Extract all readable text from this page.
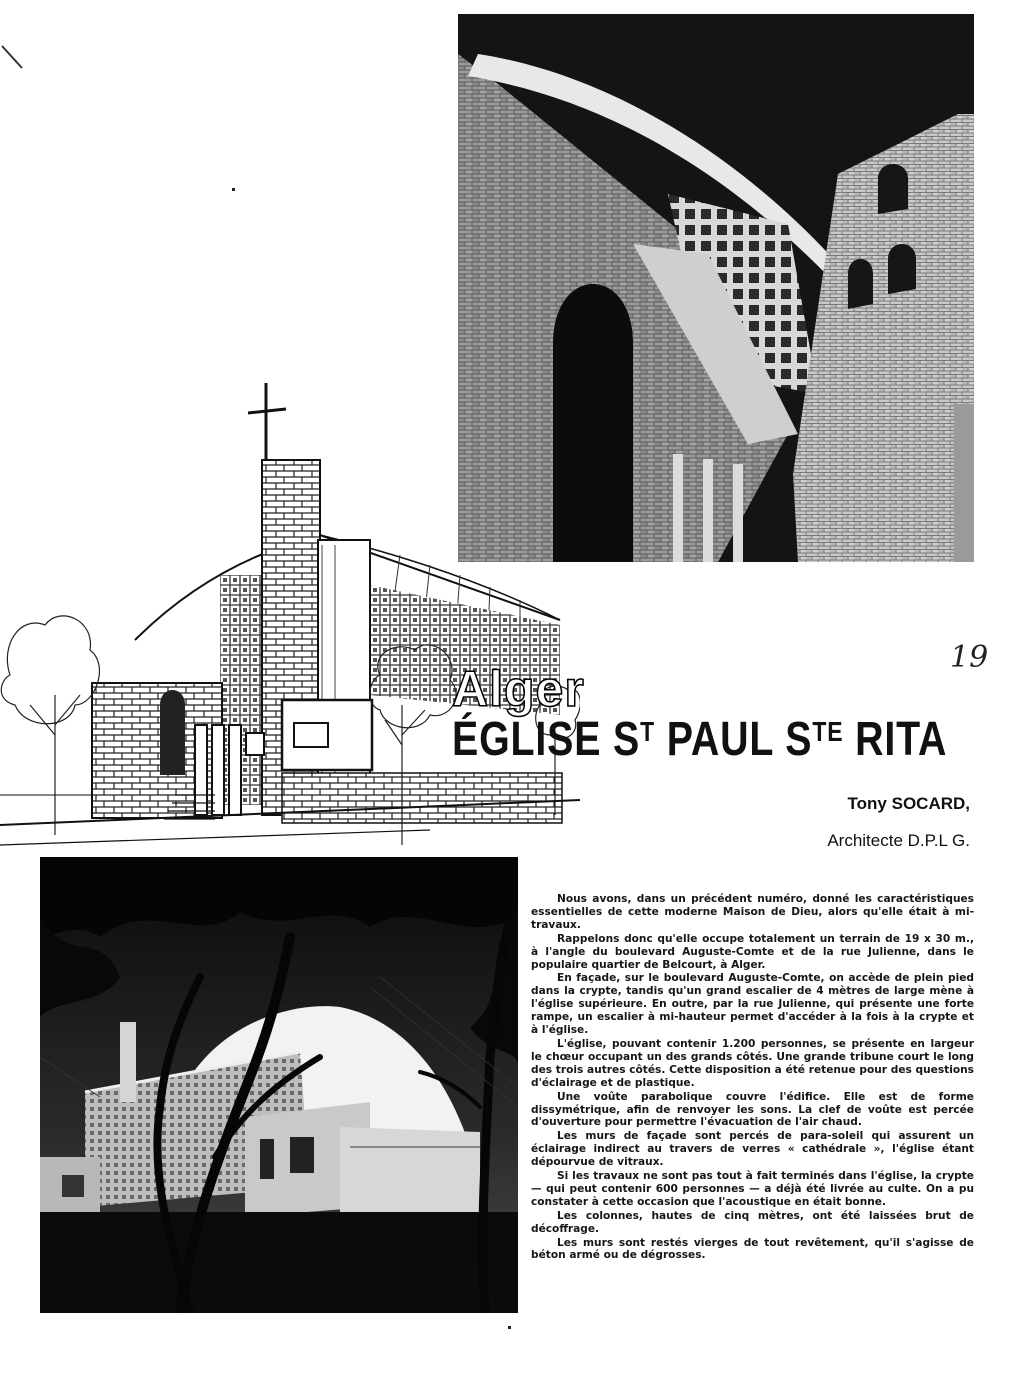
19
Alger
ÉGLISE $S^T$ PAUL $S^{TE}$ RITA
Tony SOCARD,
Architecte D.P.L G.

Nous avons, dans un précédent numéro, donné les caractéristiques essentielles de cette moderne Maison de Dieu, alors qu'elle était à mi-travaux.

Rappelons donc qu'elle occupe totalement un terrain de 19 x 30 m., à l'angle du boulevard Auguste-Comte et de la rue Julienne, dans le populaire quartier de Belcourt, à Alger.

En façade, sur le boulevard Auguste-Comte, on accède de plein pied dans la crypte, tandis qu'un grand escalier de 4 mètres de large mène à l'église supérieure. En outre, par la rue Julienne, qui présente une forte rampe, un escalier à mi-hauteur permet d'accéder à la fois à la crypte et à l'église.

L'église, pouvant contenir 1.200 personnes, se présente en largeur le chœur occupant un des grands côtés. Une grande tribune court le long des trois autres côtés. Cette disposition a été retenue pour des questions d'éclairage et de plastique.

Une voûte parabolique couvre l'édifice. Elle est de forme dissymétrique, afin de renvoyer les sons. La clef de voûte est percée d'ouverture pour permettre l'évacuation de l'air chaud.

Les murs de façade sont percés de para-soleil qui assurent un éclairage indirect au travers de verres « cathédrale », l'église étant dépourvue de vitraux.

Si les travaux ne sont pas tout à fait terminés dans l'église, la crypte — qui peut contenir 600 personnes — a déjà été livrée au culte. On a pu constater à cette occasion que l'acoustique en était bonne.

Les colonnes, hautes de cinq mètres, ont été laissées brut de décoffrage.

Les murs sont restés vierges de tout revêtement, qu'il s'agisse de béton armé ou de dégrosses.
